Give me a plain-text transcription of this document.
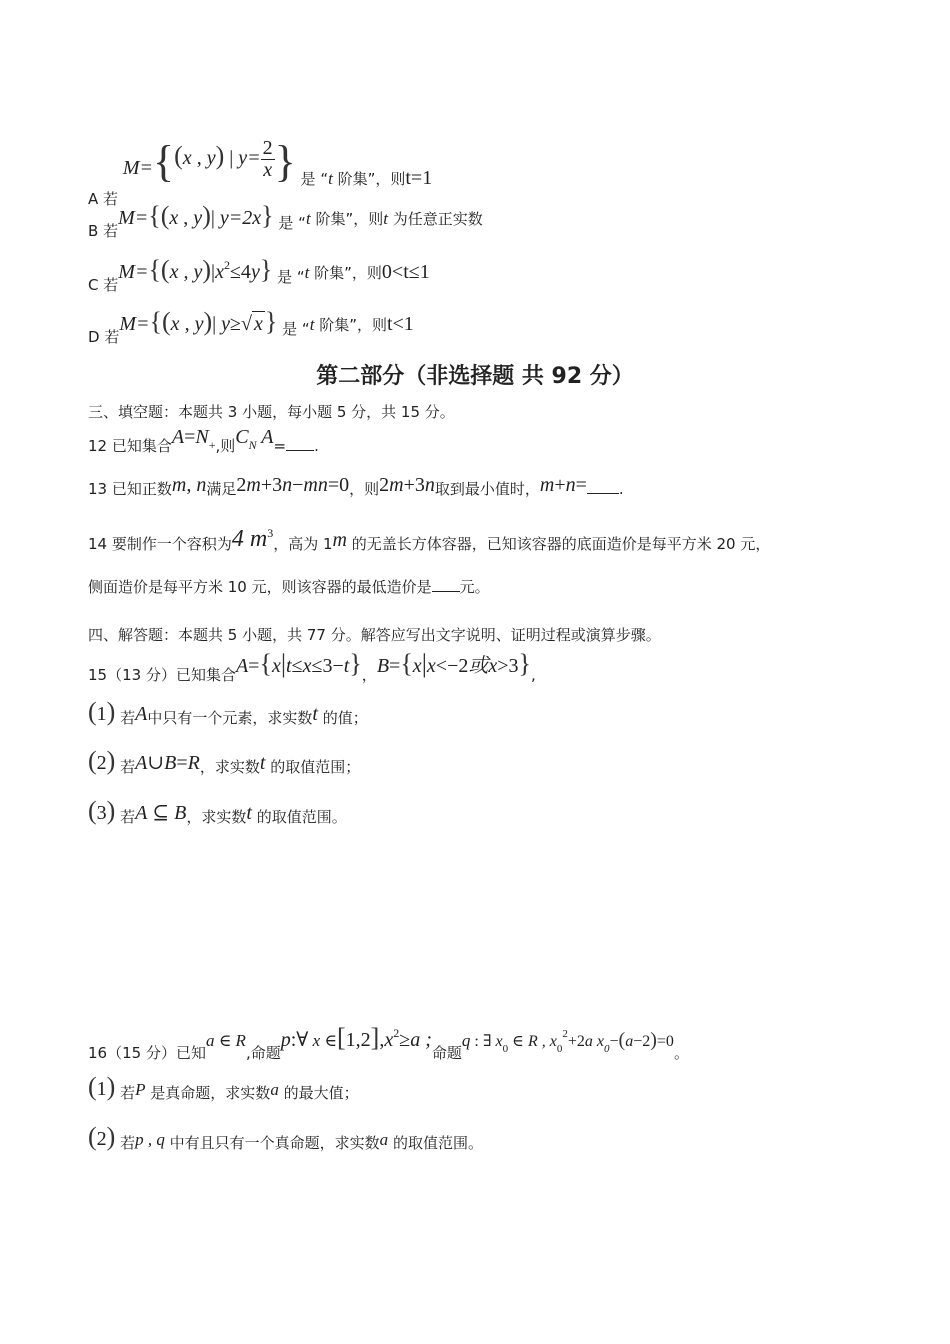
A 若 M={(x , y) | $y= \frac{2}{x}$ } 是 “t 阶集”，则t=1
B 若M={(x , y)| y=2x} 是 “t 阶集”，则t 为任意正实数
C 若M={(x , $y)|x^2\le 4y$} 是 “t 阶集”，则0<t≤1
D 若M={(x , y)| y≥√ x} 是 “t 阶集”，则t<1
第二部分（非选择题 共 92 分）
三、填空题：本题共 3 小题，每小题 5 分，共 15 分。
12 已知集合$A=N_+$,则$C_N$ A= .
13 已知正数m, n满足2m+3n−mn=0，则2m+3n取到最小值时，m+n= .
14 要制作一个容积为4 $m^3$，高为 1m 的无盖长方体容器，已知该容器的底面造价是每平方米 20 元，
侧面造价是每平方米 10 元，则该容器的最低造价是 元。
四、解答题：本题共 5 小题，共 77 分。解答应写出文字说明、证明过程或演算步骤。
15（13 分）已知集合A={x|t≤x≤3−t}，B={x|x<−2或x>3},
(1) 若A中只有一个元素，求实数t 的值；
(2) 若A∪B=R，求实数t 的取值范围；
(3) 若A ⊆ B，求实数t 的取值范围。
16（15 分）已知a ∈ R,命题p:∀ x $\in[1,2],x^2\ge a$ ;命题q : ∃ $x_0$ ∈ R , $x_0^2+2a$ $x_0-(a-2)=0$。
(1) 若P 是真命题，求实数a 的最大值；
(2) 若p , q 中有且只有一个真命题，求实数a 的取值范围。
